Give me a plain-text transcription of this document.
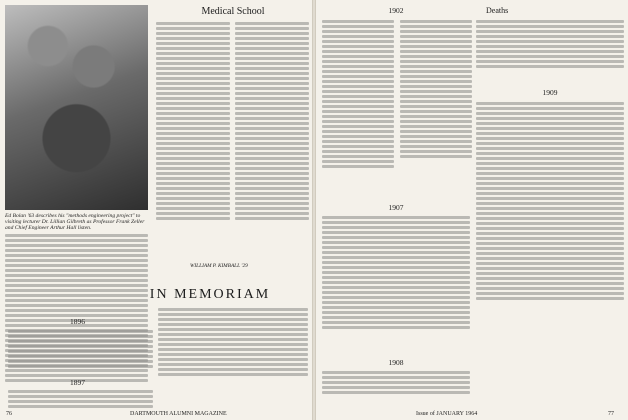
Ed Bolan '63 describes his "methods engineering project" to visiting lecturer Dr. Lillian Gilbreth as Professor Frank Zeller and Chief Engineer Arthur Hall listen.
Medical School
WILLIAM P. KIMBALL '29
IN MEMORIAM
1896
1897
76	DARTMOUTH ALUMNI MAGAZINE
1902	Deaths
1907
1908
1909
Issue of JANUARY 1964	77
